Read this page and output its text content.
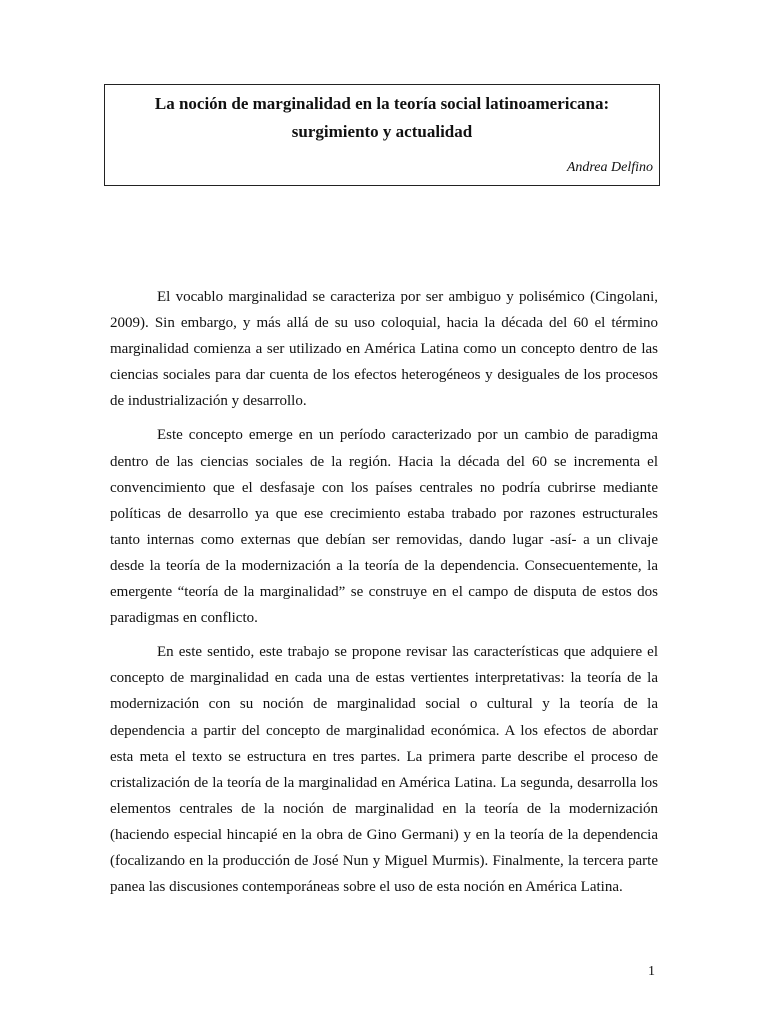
La noción de marginalidad en la teoría social latinoamericana:
surgimiento y actualidad
Andrea Delfino

El vocablo marginalidad se caracteriza por ser ambiguo y polisémico (Cingolani, 2009). Sin embargo, y más allá de su uso coloquial, hacia la década del 60 el término marginalidad comienza a ser utilizado en América Latina como un concepto dentro de las ciencias sociales para dar cuenta de los efectos heterogéneos y desiguales de los procesos de industrialización y desarrollo.

Este concepto emerge en un período caracterizado por un cambio de paradigma dentro de las ciencias sociales de la región. Hacia la década del 60 se incrementa el convencimiento que el desfasaje con los países centrales no podría cubrirse mediante políticas de desarrollo ya que ese crecimiento estaba trabado por razones estructurales tanto internas como externas que debían ser removidas, dando lugar -así- a un clivaje desde la teoría de la modernización a la teoría de la dependencia. Consecuentemente, la emergente “teoría de la marginalidad” se construye en el campo de disputa de estos dos paradigmas en conflicto.

En este sentido, este trabajo se propone revisar las características que adquiere el concepto de marginalidad en cada una de estas vertientes interpretativas: la teoría de la modernización con su noción de marginalidad social o cultural y la teoría de la dependencia a partir del concepto de marginalidad económica. A los efectos de abordar esta meta el texto se estructura en tres partes. La primera parte describe el proceso de cristalización de la teoría de la marginalidad en América Latina. La segunda, desarrolla los elementos centrales de la noción de marginalidad en la teoría de la modernización (haciendo especial hincapié en la obra de Gino Germani) y en la teoría de la dependencia (focalizando en la producción de José Nun y Miguel Murmis). Finalmente, la tercera parte panea las discusiones contemporáneas sobre el uso de esta noción en América Latina.

1
